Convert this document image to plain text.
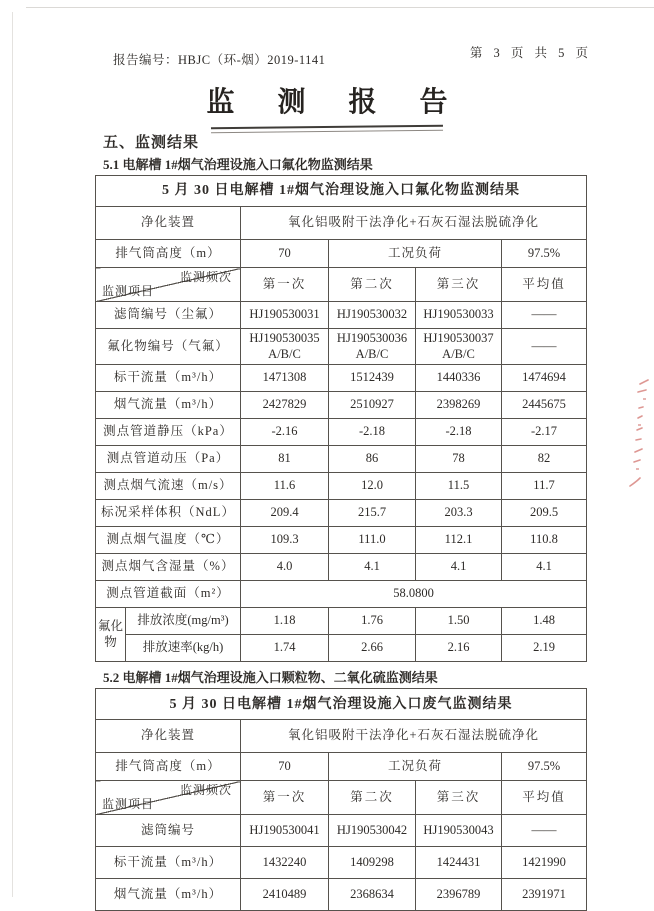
报告编号：HBJC（环-烟）2019-1141	第 3 页 共 5 页
监 测 报 告
五、监测结果
5.1 电解槽 1#烟气治理设施入口氟化物监测结果
5 月 30 日电解槽 1#烟气治理设施入口氟化物监测结果					
净化装置		氧化铝吸附干法净化+石灰石湿法脱硫净化			
排气筒高度（m）		70	工况负荷		97.5%

监测频次
监测项目		第一次	第二次	第三次	平均值
滤筒编号（尘氟）		HJ190530031	HJ190530032	HJ190530033	——
氟化物编号（气氟）		HJ190530035 A/B/C	HJ190530036 A/B/C	HJ190530037 A/B/C	——
标干流量（m³/h）		1471308	1512439	1440336	1474694
烟气流量（m³/h）		2427829	2510927	2398269	2445675
测点管道静压（kPa）		-2.16	-2.18	-2.18	-2.17
测点管道动压（Pa）		81	86	78	82
测点烟气流速（m/s）		11.6	12.0	11.5	11.7
标况采样体积（NdL）		209.4	215.7	203.3	209.5
测点烟气温度（℃）		109.3	111.0	112.1	110.8
测点烟气含湿量（%）		4.0	4.1	4.1	4.1
测点管道截面（m²）		58.0800			
氟化物	排放浓度(mg/m³)	1.18	1.76	1.50	1.48
	排放速率(kg/h)	1.74	2.66	2.16	2.19
5.2 电解槽 1#烟气治理设施入口颗粒物、二氧化硫监测结果
5 月 30 日电解槽 1#烟气治理设施入口废气监测结果				
净化装置	氧化铝吸附干法净化+石灰石湿法脱硫净化			
排气筒高度（m）	70	工况负荷		97.5%

监测频次
监测项目	第一次	第二次	第三次	平均值
滤筒编号	HJ190530041	HJ190530042	HJ190530043	——
标干流量（m³/h）	1432240	1409298	1424431	1421990
烟气流量（m³/h）	2410489	2368634	2396789	2391971
